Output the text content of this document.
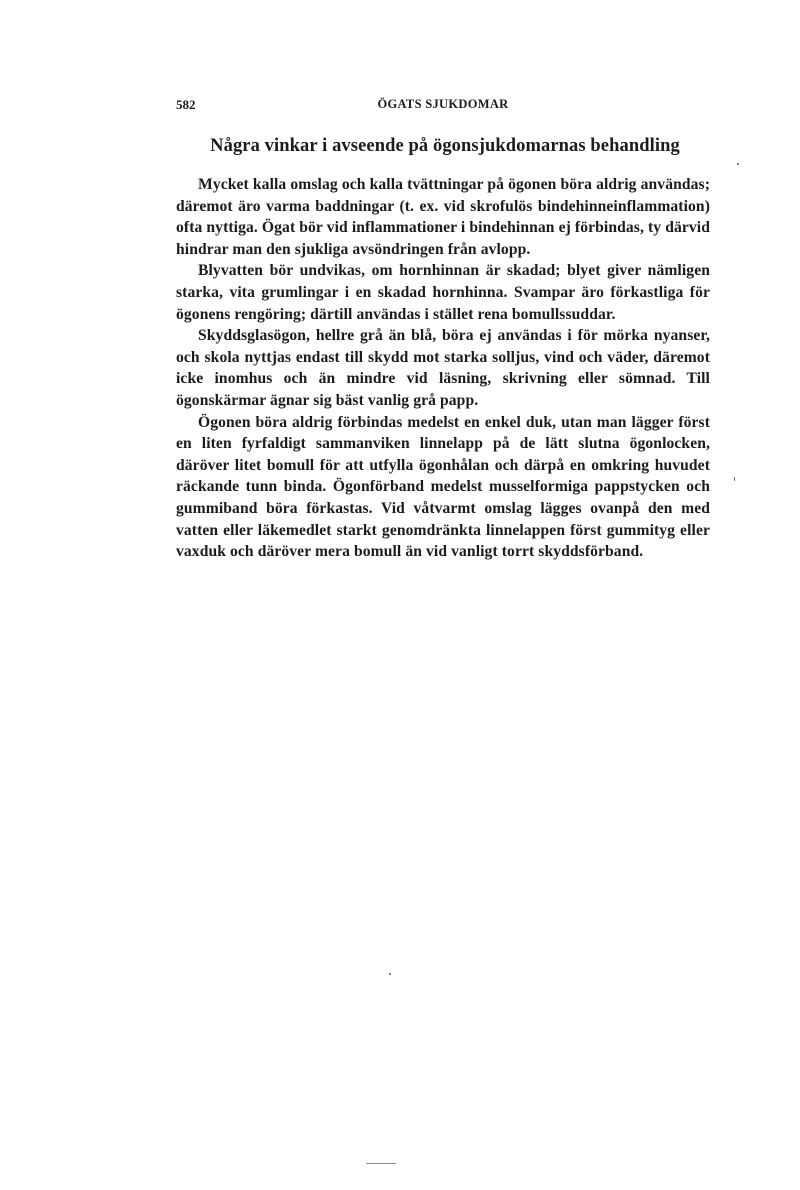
582	ÖGATS SJUKDOMAR
Några vinkar i avseende på ögonsjukdomarnas behandling

Mycket kalla omslag och kalla tvättningar på ögonen böra aldrig användas; däremot äro varma baddningar (t. ex. vid skrofulös bindehinneinflammation) ofta nyttiga. Ögat bör vid inflammationer i bindehinnan ej förbindas, ty därvid hindrar man den sjukliga avsöndringen från avlopp.

Blyvatten bör undvikas, om hornhinnan är skadad; blyet giver nämligen starka, vita grumlingar i en skadad hornhinna. Svampar äro förkastliga för ögonens rengöring; därtill användas i stället rena bomullssuddar.

Skyddsglasögon, hellre grå än blå, böra ej användas i för mörka nyanser, och skola nyttjas endast till skydd mot starka solljus, vind och väder, däremot icke inomhus och än mindre vid läsning, skrivning eller sömnad. Till ögonskärmar ägnar sig bäst vanlig grå papp.

Ögonen böra aldrig förbindas medelst en enkel duk, utan man lägger först en liten fyrfaldigt sammanviken linnelapp på de lätt slutna ögonlocken, däröver litet bomull för att utfylla ögonhålan och därpå en omkring huvudet räckande tunn binda. Ögonförband medelst musselformiga pappstycken och gummiband böra förkastas. Vid våtvarmt omslag lägges ovanpå den med vatten eller läkemedlet starkt genomdränkta linnelappen först gummityg eller vaxduk och däröver mera bomull än vid vanligt torrt skyddsförband.
